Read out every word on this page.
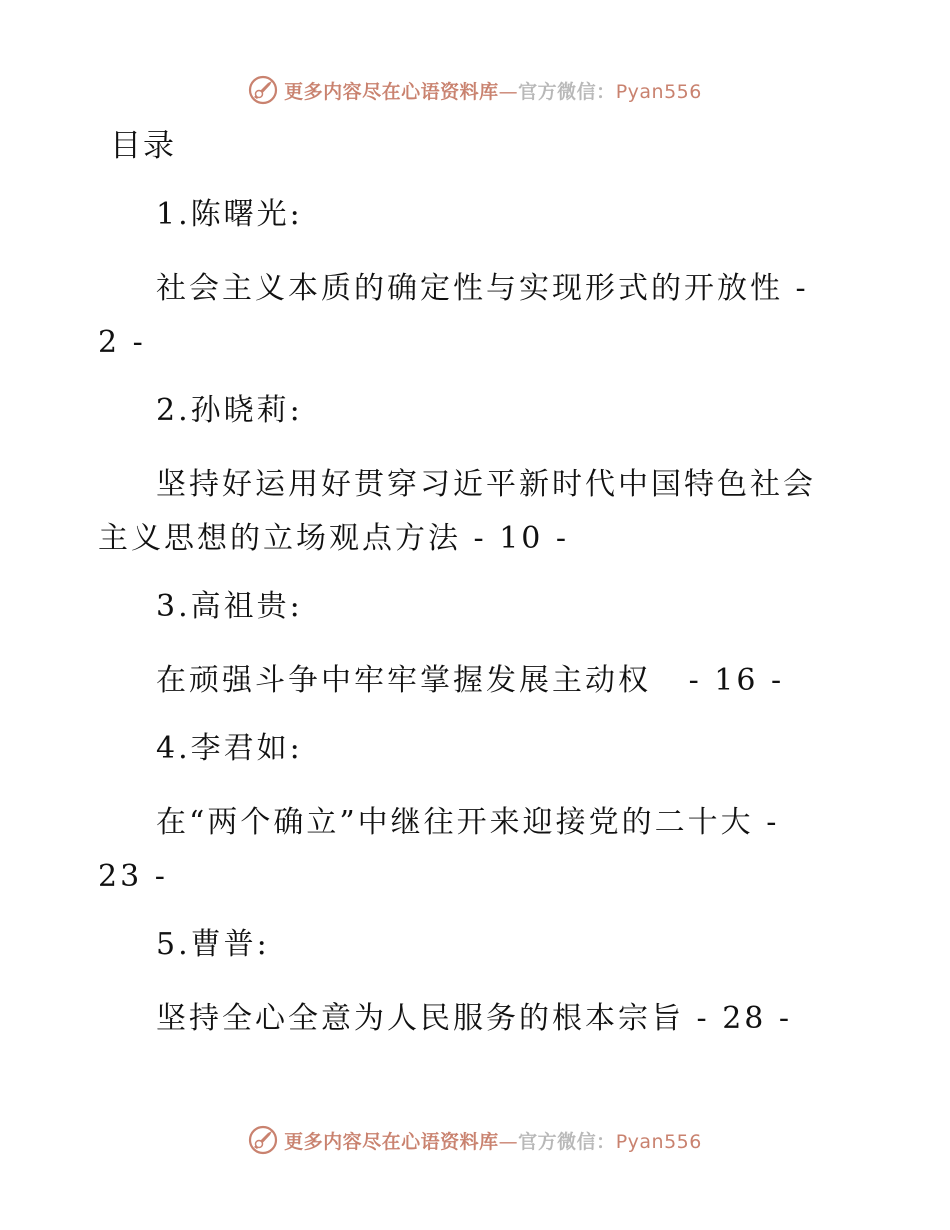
更多内容尽在心语资料库—官方微信：Pyan556
目录
1.陈曙光:
社会主义本质的确定性与实现形式的开放性 -
2 -
2.孙晓莉:
坚持好运用好贯穿习近平新时代中国特色社会
主义思想的立场观点方法 - 10 -
3.高祖贵:
在顽强斗争中牢牢掌握发展主动权   - 16 -
4.李君如:
在“两个确立”中继往开来迎接党的二十大 -
23 -
5.曹普:
坚持全心全意为人民服务的根本宗旨 - 28 -
更多内容尽在心语资料库—官方微信：Pyan556
